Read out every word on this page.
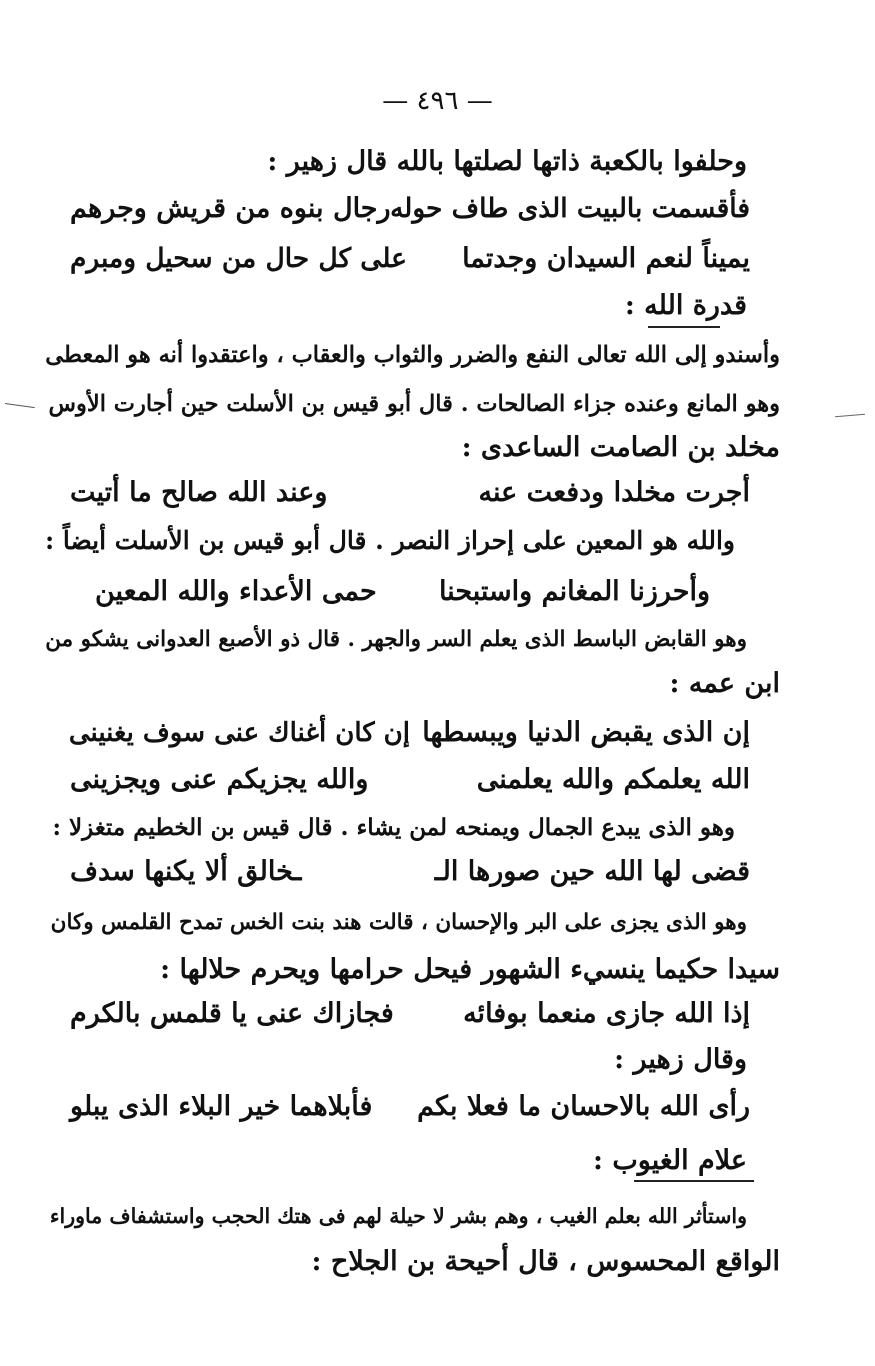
— ٤٩٦ —
وحلفوا بالكعبة ذاتها لصلتها بالله قال زهير :
فأقسمت بالبيت الذى طاف حوله
رجال بنوه من قريش وجرهم
يميناً لنعم السيدان وجدتما
على كل حال من سحيل ومبرم
قدرة الله :
وأسندو إلى الله تعالى النفع والضرر والثواب والعقاب ، واعتقدوا أنه هو المعطى
وهو المانع وعنده جزاء الصالحات . قال أبو قيس بن الأسلت حين أجارت الأوس
مخلد بن الصامت الساعدى :
أجرت مخلدا ودفعت عنه
وعند الله صالح ما أتيت
والله هو المعين على إحراز النصر . قال أبو قيس بن الأسلت أيضاً :
وأحرزنا المغانم واستبحنا
حمى الأعداء والله المعين
وهو القابض الباسط الذى يعلم السر والجهر . قال ذو الأصبع العدوانى يشكو من
ابن عمه :
إن الذى يقبض الدنيا ويبسطها
إن كان أغناك عنى سوف يغنينى
الله يعلمكم والله يعلمنى
والله يجزيكم عنى ويجزينى
وهو الذى يبدع الجمال ويمنحه لمن يشاء . قال قيس بن الخطيم متغزلا :
قضى لها الله حين صورها الـ
ـخالق ألا يكنها سدف
وهو الذى يجزى على البر والإحسان ، قالت هند بنت الخس تمدح القلمس وكان
سيدا حكيما ينسيء الشهور فيحل حرامها ويحرم حلالها :
إذا الله جازى منعما بوفائه
فجازاك عنى يا قلمس بالكرم
وقال زهير :
رأى الله بالاحسان ما فعلا بكم
فأبلاهما خير البلاء الذى يبلو
علام الغيوب :
واستأثر الله بعلم الغيب ، وهم بشر لا حيلة لهم فى هتك الحجب واستشفاف ماوراء
الواقع المحسوس ، قال أحيحة بن الجلاح :
